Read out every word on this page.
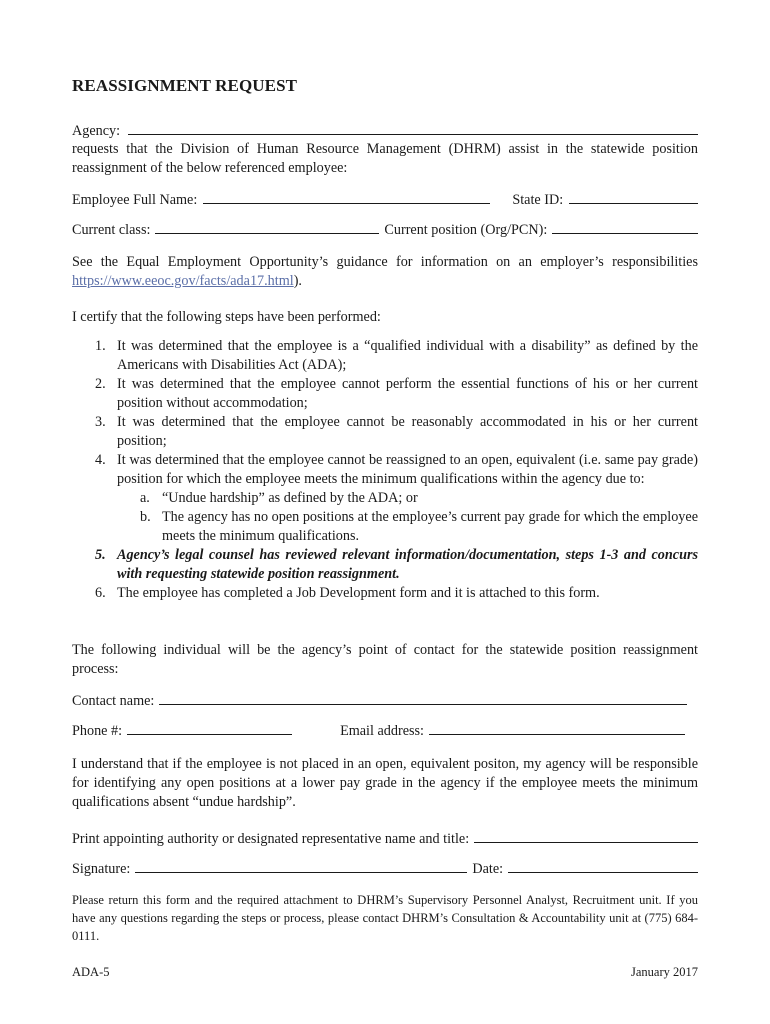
REASSIGNMENT REQUEST
Agency:
requests that the Division of Human Resource Management (DHRM) assist in the statewide position reassignment of the below referenced employee:
Employee Full Name:	State ID:
Current class:	Current position (Org/PCN):
See the Equal Employment Opportunity’s guidance for information on an employer’s responsibilities https://www.eeoc.gov/facts/ada17.html).
I certify that the following steps have been performed:
1. It was determined that the employee is a “qualified individual with a disability” as defined by the Americans with Disabilities Act (ADA);
2. It was determined that the employee cannot perform the essential functions of his or her current position without accommodation;
3. It was determined that the employee cannot be reasonably accommodated in his or her current position;
4. It was determined that the employee cannot be reassigned to an open, equivalent (i.e. same pay grade) position for which the employee meets the minimum qualifications within the agency due to:
a. “Undue hardship” as defined by the ADA; or
b. The agency has no open positions at the employee’s current pay grade for which the employee meets the minimum qualifications.
5. Agency’s legal counsel has reviewed relevant information/documentation, steps 1-3 and concurs with requesting statewide position reassignment.
6. The employee has completed a Job Development form and it is attached to this form.
The following individual will be the agency’s point of contact for the statewide position reassignment process:
Contact name:
Phone #:	Email address:
I understand that if the employee is not placed in an open, equivalent positon, my agency will be responsible for identifying any open positions at a lower pay grade in the agency if the employee meets the minimum qualifications absent “undue hardship”.
Print appointing authority or designated representative name and title:
Signature:	Date:
Please return this form and the required attachment to DHRM’s Supervisory Personnel Analyst, Recruitment unit. If you have any questions regarding the steps or process, please contact DHRM’s Consultation & Accountability unit at (775) 684-0111.
ADA-5	January 2017
